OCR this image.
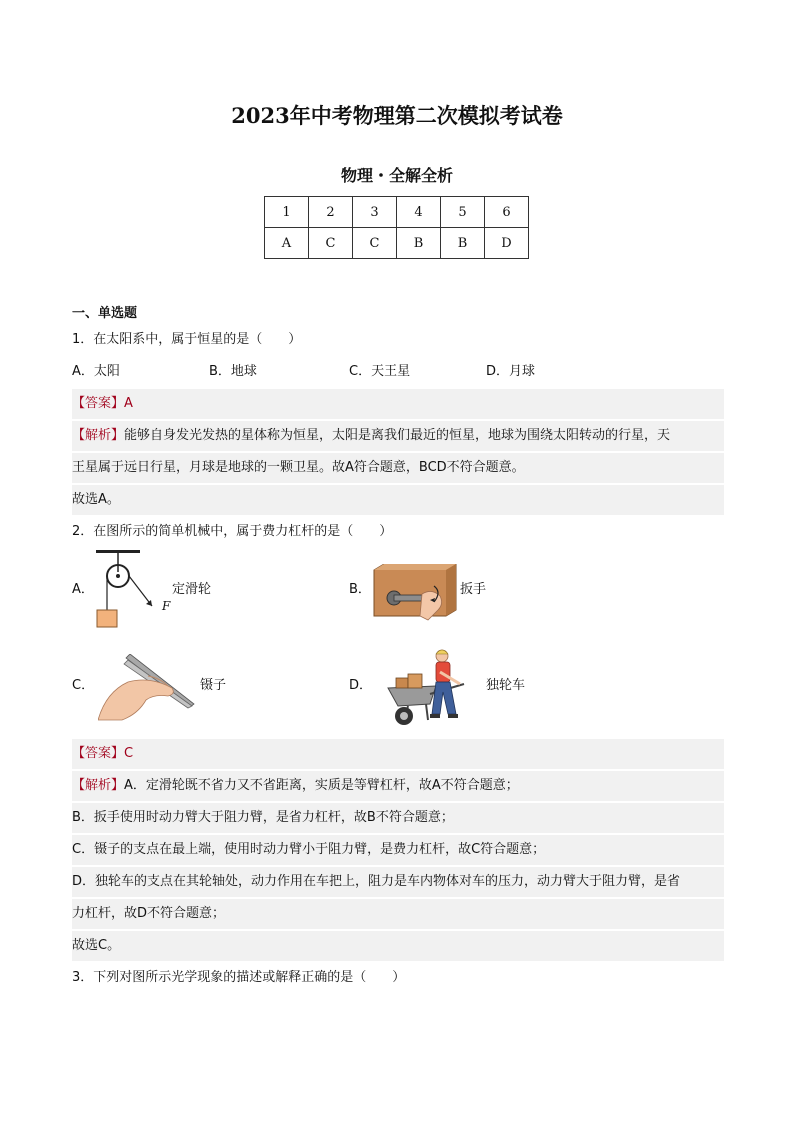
2023年中考物理第二次模拟考试卷
物理・全解全析
1	2	3	4	5	6
A	C	C	B	B	D
一、单选题
1．在太阳系中，属于恒星的是（　　）
A．太阳	B．地球	C．天王星	D．月球
【答案】A
【解析】能够自身发光发热的星体称为恒星，太阳是离我们最近的恒星，地球为围绕太阳转动的行星，天
王星属于远日行星，月球是地球的一颗卫星。故A符合题意，BCD不符合题意。
故选A。
2．在图所示的简单机械中，属于费力杠杆的是（　　）
A．
F
定滑轮	B．	扳手
C．	镊子	D．	独轮车
【答案】C
【解析】A．定滑轮既不省力又不省距离，实质是等臂杠杆，故A不符合题意；
B．扳手使用时动力臂大于阻力臂，是省力杠杆，故B不符合题意；
C．镊子的支点在最上端，使用时动力臂小于阻力臂，是费力杠杆，故C符合题意；
D．独轮车的支点在其轮轴处，动力作用在车把上，阻力是车内物体对车的压力，动力臂大于阻力臂，是省
力杠杆，故D不符合题意；
故选C。
3．下列对图所示光学现象的描述或解释正确的是（　　）
